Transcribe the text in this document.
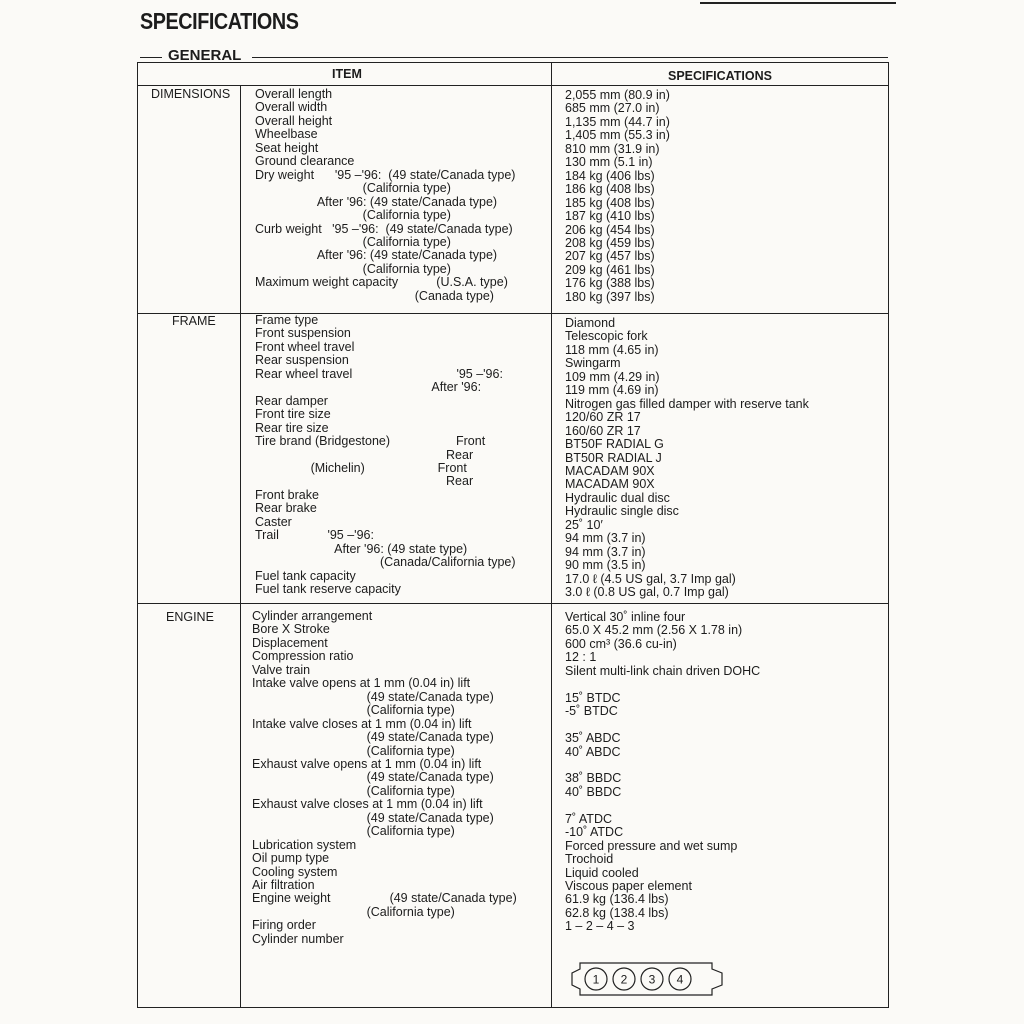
SPECIFICATIONS
GENERAL
ITEM	SPECIFICATIONS
DIMENSIONS
FRAME
ENGINE
Overall length
Overall width
Overall height
Wheelbase
Seat height
Ground clearance
Dry weight      '95 –'96:  (49 state/Canada type)
(California type)
After '96: (49 state/Canada type)
(California type)
Curb weight   '95 –'96:  (49 state/Canada type)
(California type)
After '96: (49 state/Canada type)
(California type)
Maximum weight capacity           (U.S.A. type)
(Canada type)
Frame type
Front suspension
Front wheel travel
Rear suspension
Rear wheel travel                              '95 –'96:
After '96:
Rear damper
Front tire size
Rear tire size
Tire brand (Bridgestone)                   Front
Rear
(Michelin)                     Front
Rear
Front brake
Rear brake
Caster
Trail              '95 –'96:
After '96: (49 state type)
(Canada/California type)
Fuel tank capacity
Fuel tank reserve capacity
Cylinder arrangement
Bore X Stroke
Displacement
Compression ratio
Valve train
Intake valve opens at 1 mm (0.04 in) lift
(49 state/Canada type)
(California type)
Intake valve closes at 1 mm (0.04 in) lift
(49 state/Canada type)
(California type)
Exhaust valve opens at 1 mm (0.04 in) lift
(49 state/Canada type)
(California type)
Exhaust valve closes at 1 mm (0.04 in) lift
(49 state/Canada type)
(California type)
Lubrication system
Oil pump type
Cooling system
Air filtration
Engine weight                 (49 state/Canada type)
(California type)
Firing order
Cylinder number
2,055 mm (80.9 in)
685 mm (27.0 in)
1,135 mm (44.7 in)
1,405 mm (55.3 in)
810 mm (31.9 in)
130 mm (5.1 in)
184 kg (406 lbs)
186 kg (408 lbs)
185 kg (408 lbs)
187 kg (410 lbs)
206 kg (454 lbs)
208 kg (459 lbs)
207 kg (457 lbs)
209 kg (461 lbs)
176 kg (388 lbs)
180 kg (397 lbs)
Diamond
Telescopic fork
118 mm (4.65 in)
Swingarm
109 mm (4.29 in)
119 mm (4.69 in)
Nitrogen gas filled damper with reserve tank
120/60 ZR 17
160/60 ZR 17
BT50F RADIAL G
BT50R RADIAL J
MACADAM 90X
MACADAM 90X
Hydraulic dual disc
Hydraulic single disc
25˚ 10′
94 mm (3.7 in)
94 mm (3.7 in)
90 mm (3.5 in)
17.0 ℓ (4.5 US gal, 3.7 Imp gal)
3.0 ℓ (0.8 US gal, 0.7 Imp gal)
Vertical 30˚ inline four
65.0 X 45.2 mm (2.56 X 1.78 in)
600 cm³ (36.6 cu-in)
12 : 1
Silent multi-link chain driven DOHC
15˚ BTDC
-5˚ BTDC
35˚ ABDC
40˚ ABDC
38˚ BBDC
40˚ BBDC
7˚ ATDC
-10˚ ATDC
Forced pressure and wet sump
Trochoid
Liquid cooled
Viscous paper element
61.9 kg (136.4 lbs)
62.8 kg (138.4 lbs)
1 – 2 – 4 – 3
1 2 3 4
